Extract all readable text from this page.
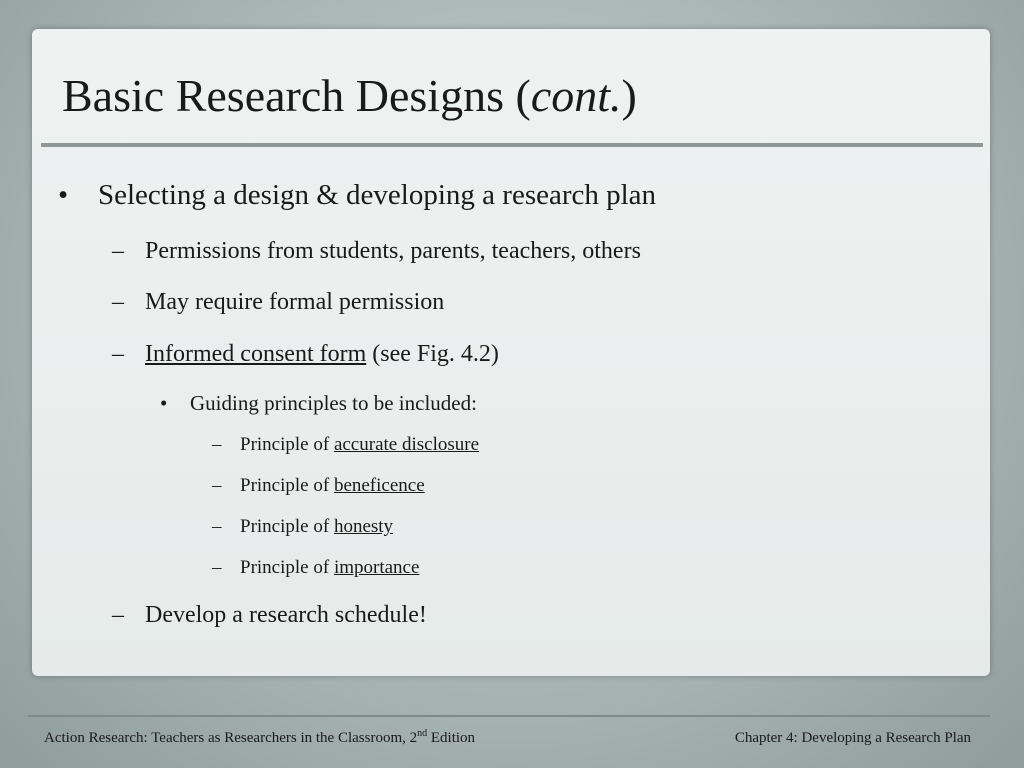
Basic Research Designs (cont.)
• Selecting a design & developing a research plan
– Permissions from students, parents, teachers, others
– May require formal permission
– Informed consent form (see Fig. 4.2)
• Guiding principles to be included:
– Principle of accurate disclosure
– Principle of beneficence
– Principle of honesty
– Principle of importance
– Develop a research schedule!
Action Research: Teachers as Researchers in the Classroom, 2nd Edition	Chapter 4: Developing a Research Plan
